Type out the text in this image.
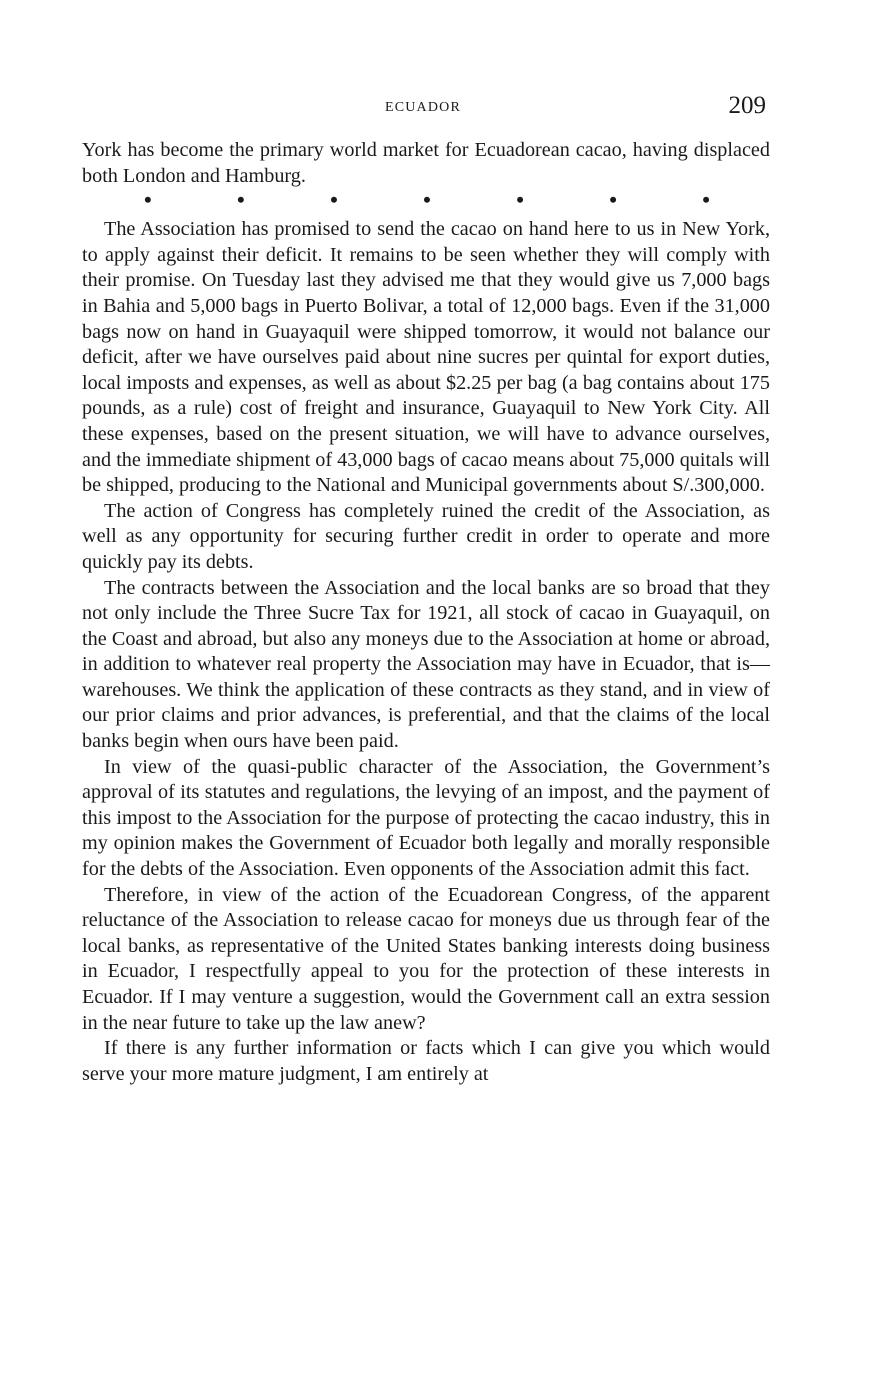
ECUADOR	209

York has become the primary world market for Ecuadorean cacao, having displaced both London and Hamburg.

•	•	•	•	•	•	•

The Association has promised to send the cacao on hand here to us in New York, to apply against their deficit. It remains to be seen whether they will comply with their promise. On Tuesday last they advised me that they would give us 7,000 bags in Bahia and 5,000 bags in Puerto Bolivar, a total of 12,000 bags. Even if the 31,000 bags now on hand in Guayaquil were shipped tomorrow, it would not balance our deficit, after we have ourselves paid about nine sucres per quintal for export duties, local imposts and expenses, as well as about $2.25 per bag (a bag contains about 175 pounds, as a rule) cost of freight and insurance, Guayaquil to New York City. All these expenses, based on the present situation, we will have to advance ourselves, and the immediate shipment of 43,000 bags of cacao means about 75,000 quitals will be shipped, producing to the National and Municipal governments about S/.300,000.

The action of Congress has completely ruined the credit of the Association, as well as any opportunity for securing further credit in order to operate and more quickly pay its debts.

The contracts between the Association and the local banks are so broad that they not only include the Three Sucre Tax for 1921, all stock of cacao in Guayaquil, on the Coast and abroad, but also any moneys due to the Association at home or abroad, in addition to whatever real property the Association may have in Ecuador, that is—warehouses. We think the application of these contracts as they stand, and in view of our prior claims and prior advances, is preferential, and that the claims of the local banks begin when ours have been paid.

In view of the quasi-public character of the Association, the Government’s approval of its statutes and regulations, the levying of an impost, and the payment of this impost to the Association for the purpose of protecting the cacao industry, this in my opinion makes the Government of Ecuador both legally and morally responsible for the debts of the Association. Even opponents of the Association admit this fact.

Therefore, in view of the action of the Ecuadorean Congress, of the apparent reluctance of the Association to release cacao for moneys due us through fear of the local banks, as representative of the United States banking interests doing business in Ecuador, I respectfully appeal to you for the protection of these interests in Ecuador. If I may venture a suggestion, would the Government call an extra session in the near future to take up the law anew?

If there is any further information or facts which I can give you which would serve your more mature judgment, I am entirely at
